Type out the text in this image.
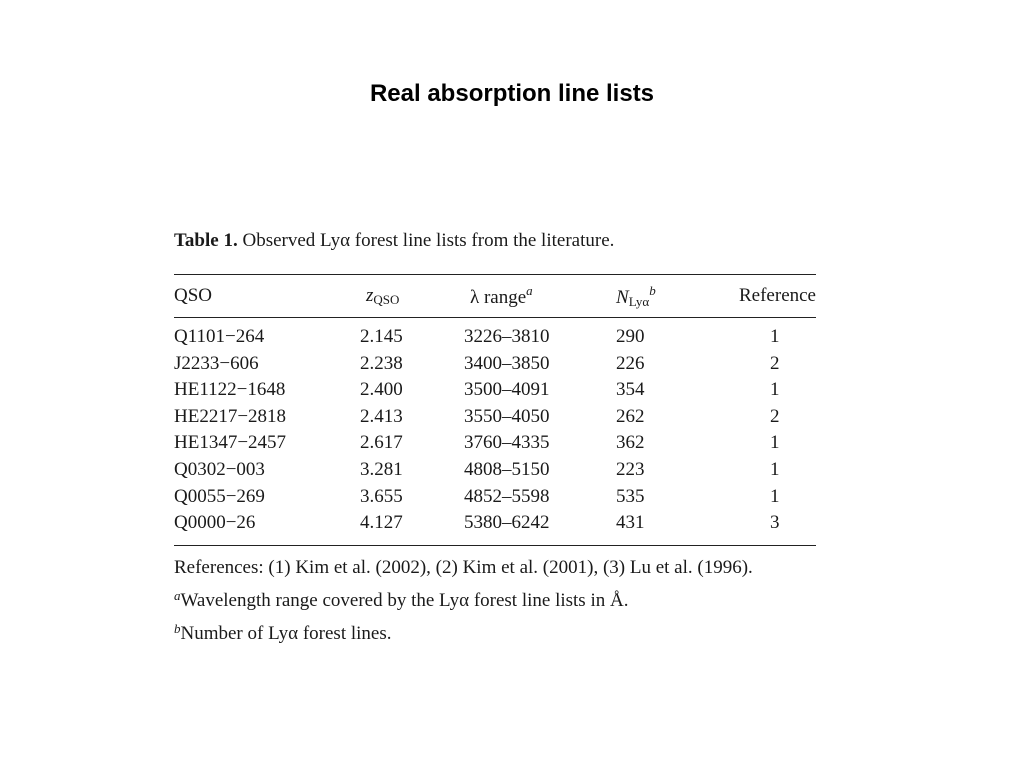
Real absorption line lists
Table 1. Observed Lyα forest line lists from the literature.
QSO	$z_{QSO}$	λ range$^a$	$N_{Ly\alpha}^b$	Reference
Q1101−264	2.145	3226–3810	290	1
J2233−606	2.238	3400–3850	226	2
HE1122−1648	2.400	3500–4091	354	1
HE2217−2818	2.413	3550–4050	262	2
HE1347−2457	2.617	3760–4335	362	1
Q0302−003	3.281	4808–5150	223	1
Q0055−269	3.655	4852–5598	535	1
Q0000−26	4.127	5380–6242	431	3
References: (1) Kim et al. (2002), (2) Kim et al. (2001), (3) Lu et al. (1996).
$^a$Wavelength range covered by the Lyα forest line lists in Å.
$^b$Number of Lyα forest lines.
